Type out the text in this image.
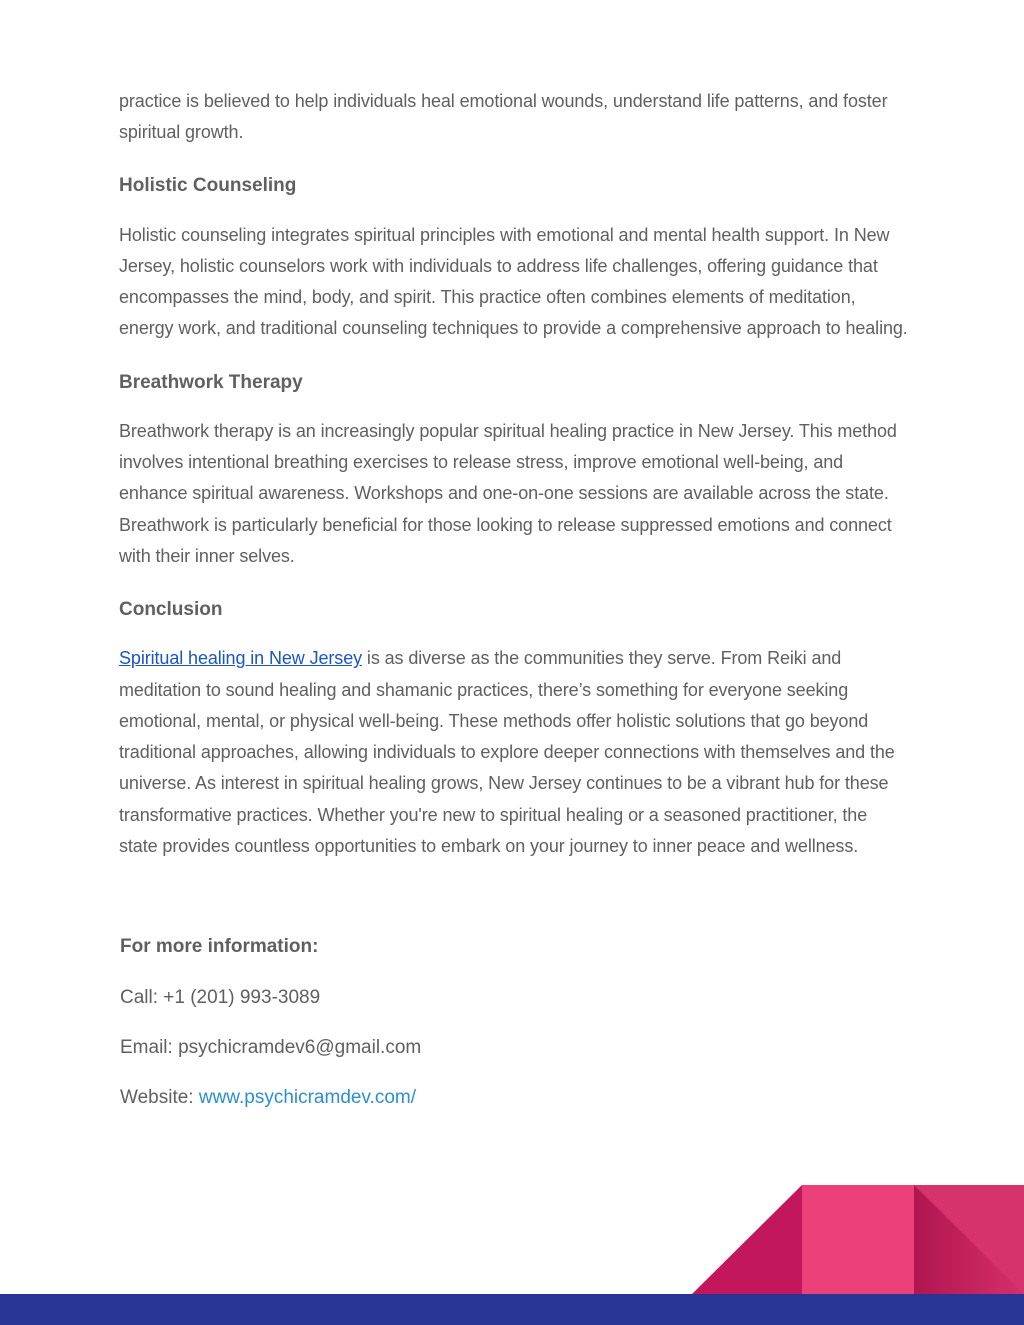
practice is believed to help individuals heal emotional wounds, understand life patterns, and foster spiritual growth.

Holistic Counseling

Holistic counseling integrates spiritual principles with emotional and mental health support. In New Jersey, holistic counselors work with individuals to address life challenges, offering guidance that encompasses the mind, body, and spirit. This practice often combines elements of meditation, energy work, and traditional counseling techniques to provide a comprehensive approach to healing.

Breathwork Therapy

Breathwork therapy is an increasingly popular spiritual healing practice in New Jersey. This method involves intentional breathing exercises to release stress, improve emotional well-being, and enhance spiritual awareness. Workshops and one-on-one sessions are available across the state. Breathwork is particularly beneficial for those looking to release suppressed emotions and connect with their inner selves.

Conclusion

Spiritual healing in New Jersey is as diverse as the communities they serve. From Reiki and meditation to sound healing and shamanic practices, there’s something for everyone seeking emotional, mental, or physical well-being. These methods offer holistic solutions that go beyond traditional approaches, allowing individuals to explore deeper connections with themselves and the universe. As interest in spiritual healing grows, New Jersey continues to be a vibrant hub for these transformative practices. Whether you're new to spiritual healing or a seasoned practitioner, the state provides countless opportunities to embark on your journey to inner peace and wellness.

For more information:

Call: +1 (201) 993-3089

Email: psychicramdev6@gmail.com

Website: www.psychicramdev.com/
